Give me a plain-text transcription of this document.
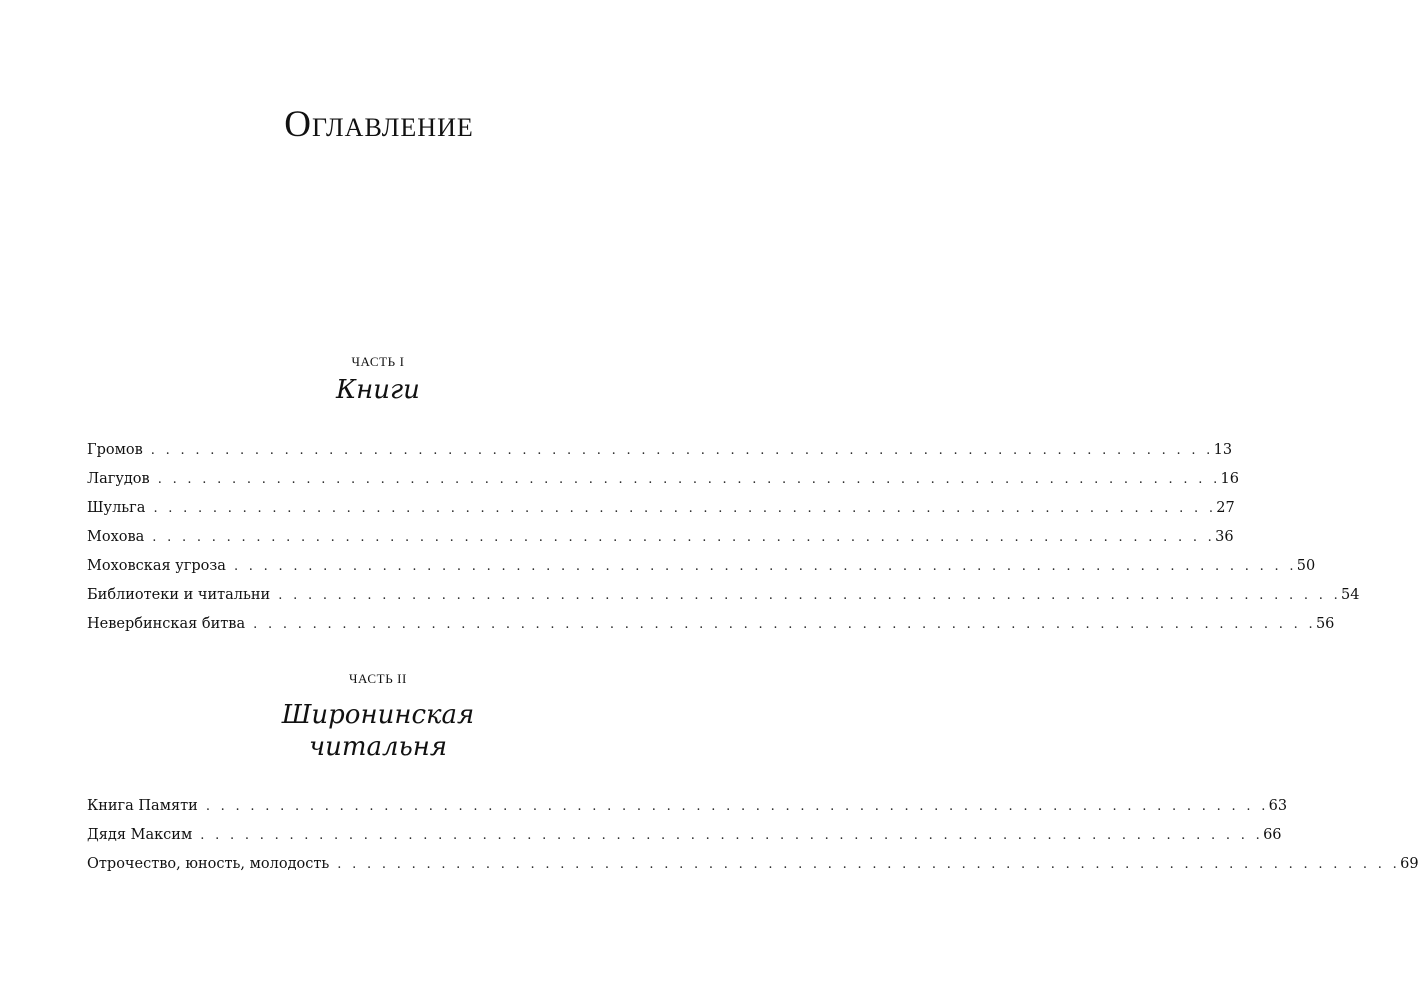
Оглавление
ЧАСТЬ I
Книги
Громов . . . . . . . . . . . . . . . . . . . . . . . . . . . . . . . . . . . . . . . . . . . . . . . . . . . . . . . . . . . . . . . . . . . . . . . . 13
Лагудов . . . . . . . . . . . . . . . . . . . . . . . . . . . . . . . . . . . . . . . . . . . . . . . . . . . . . . . . . . . . . . . . . . . . . . . . 16
Шульга . . . . . . . . . . . . . . . . . . . . . . . . . . . . . . . . . . . . . . . . . . . . . . . . . . . . . . . . . . . . . . . . . . . . . . . . 27
Мохова . . . . . . . . . . . . . . . . . . . . . . . . . . . . . . . . . . . . . . . . . . . . . . . . . . . . . . . . . . . . . . . . . . . . . . . . 36
Моховская угроза . . . . . . . . . . . . . . . . . . . . . . . . . . . . . . . . . . . . . . . . . . . . . . . . . . . . . . . . . . . . . . . . . . . . . . . . 50
Библиотеки и читальни . . . . . . . . . . . . . . . . . . . . . . . . . . . . . . . . . . . . . . . . . . . . . . . . . . . . . . . . . . . . . . . . . . . . . . . . 54
Невербинская битва . . . . . . . . . . . . . . . . . . . . . . . . . . . . . . . . . . . . . . . . . . . . . . . . . . . . . . . . . . . . . . . . . . . . . . . . 56
ЧАСТЬ II
Широнинская
читальня
Книга Памяти . . . . . . . . . . . . . . . . . . . . . . . . . . . . . . . . . . . . . . . . . . . . . . . . . . . . . . . . . . . . . . . . . . . . . . . . 63
Дядя Максим . . . . . . . . . . . . . . . . . . . . . . . . . . . . . . . . . . . . . . . . . . . . . . . . . . . . . . . . . . . . . . . . . . . . . . . . 66
Отрочество, юность, молодость . . . . . . . . . . . . . . . . . . . . . . . . . . . . . . . . . . . . . . . . . . . . . . . . . . . . . . . . . . . . . . . . . . . . . . . . 69
